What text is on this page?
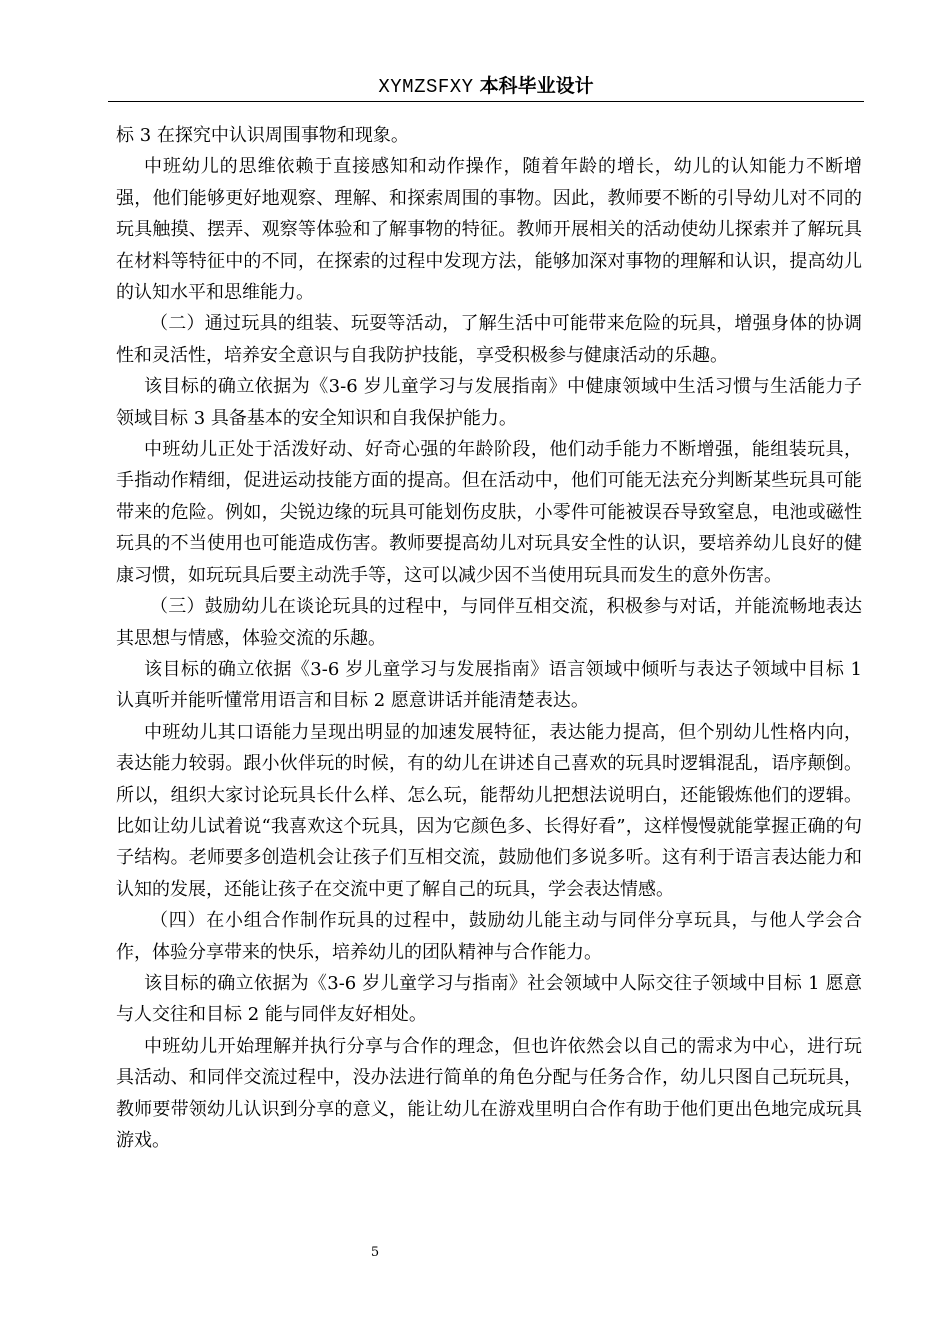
XYMZSFXY 本科毕业设计

标 3 在探究中认识周围事物和现象。

中班幼儿的思维依赖于直接感知和动作操作，随着年龄的增长，幼儿的认知能力不断增强，他们能够更好地观察、理解、和探索周围的事物。因此，教师要不断的引导幼儿对不同的玩具触摸、摆弄、观察等体验和了解事物的特征。教师开展相关的活动使幼儿探索并了解玩具在材料等特征中的不同，在探索的过程中发现方法，能够加深对事物的理解和认识，提高幼儿的认知水平和思维能力。

（二）通过玩具的组装、玩耍等活动，了解生活中可能带来危险的玩具，增强身体的协调性和灵活性，培养安全意识与自我防护技能，享受积极参与健康活动的乐趣。

该目标的确立依据为《3-6 岁儿童学习与发展指南》中健康领域中生活习惯与生活能力子领域目标 3 具备基本的安全知识和自我保护能力。

中班幼儿正处于活泼好动、好奇心强的年龄阶段，他们动手能力不断增强，能组装玩具，手指动作精细，促进运动技能方面的提高。但在活动中，他们可能无法充分判断某些玩具可能带来的危险。例如，尖锐边缘的玩具可能划伤皮肤，小零件可能被误吞导致窒息，电池或磁性玩具的不当使用也可能造成伤害。教师要提高幼儿对玩具安全性的认识，要培养幼儿良好的健康习惯，如玩玩具后要主动洗手等，这可以减少因不当使用玩具而发生的意外伤害。

（三）鼓励幼儿在谈论玩具的过程中，与同伴互相交流，积极参与对话，并能流畅地表达其思想与情感，体验交流的乐趣。

该目标的确立依据《3-6 岁儿童学习与发展指南》语言领域中倾听与表达子领域中目标 1 认真听并能听懂常用语言和目标 2 愿意讲话并能清楚表达。

中班幼儿其口语能力呈现出明显的加速发展特征，表达能力提高，但个别幼儿性格内向，表达能力较弱。跟小伙伴玩的时候，有的幼儿在讲述自己喜欢的玩具时逻辑混乱，语序颠倒。所以，组织大家讨论玩具长什么样、怎么玩，能帮幼儿把想法说明白，还能锻炼他们的逻辑。比如让幼儿试着说“我喜欢这个玩具，因为它颜色多、长得好看”，这样慢慢就能掌握正确的句子结构。老师要多创造机会让孩子们互相交流，鼓励他们多说多听。这有利于语言表达能力和认知的发展，还能让孩子在交流中更了解自己的玩具，学会表达情感。

（四）在小组合作制作玩具的过程中，鼓励幼儿能主动与同伴分享玩具，与他人学会合作，体验分享带来的快乐，培养幼儿的团队精神与合作能力。

该目标的确立依据为《3-6 岁儿童学习与指南》社会领域中人际交往子领域中目标 1 愿意与人交往和目标 2 能与同伴友好相处。

中班幼儿开始理解并执行分享与合作的理念，但也许依然会以自己的需求为中心，进行玩具活动、和同伴交流过程中，没办法进行简单的角色分配与任务合作，幼儿只图自己玩玩具，教师要带领幼儿认识到分享的意义，能让幼儿在游戏里明白合作有助于他们更出色地完成玩具游戏。

5
